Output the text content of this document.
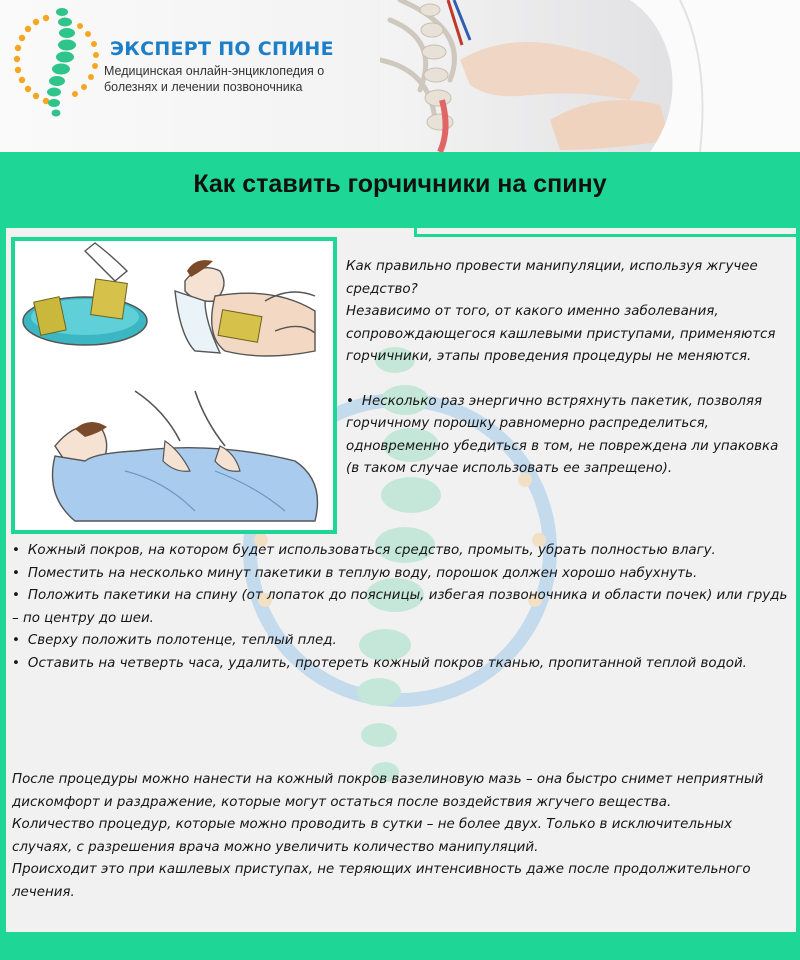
ЭКСПЕРТ ПО СПИНЕ
Медицинская онлайн-энциклопедия о
болезнях и лечении позвоночника
Как ставить горчичники на спину

Как правильно провести манипуляции, используя жгучее средство?

Независимо от того, от какого именно заболевания, сопровождающегося кашлевыми приступами, применяются горчичники, этапы проведения процедуры не меняются.

• Несколько раз энергично встряхнуть пакетик, позволяя горчичному порошку равномерно распределиться, одновременно убедиться в том, не повреждена ли упаковка (в таком случае использовать ее запрещено).

• Кожный покров, на котором будет использоваться средство, промыть, убрать полностью влагу.
• Поместить на несколько минут пакетики в теплую воду, порошок должен хорошо набухнуть.
• Положить пакетики на спину (от лопаток до поясницы, избегая позвоночника и области почек) или грудь – по центру до шеи.
• Сверху положить полотенце, теплый плед.
• Оставить на четверть часа, удалить, протереть кожный покров тканью, пропитанной теплой водой.

После процедуры можно нанести на кожный покров вазелиновую мазь – она быстро снимет неприятный дискомфорт и раздражение, которые могут остаться после воздействия жгучего вещества.

Количество процедур, которые можно проводить в сутки – не более двух. Только в исключительных случаях, с разрешения врача можно увеличить количество манипуляций.

Происходит это при кашлевых приступах, не теряющих интенсивность даже после продолжительного лечения.
